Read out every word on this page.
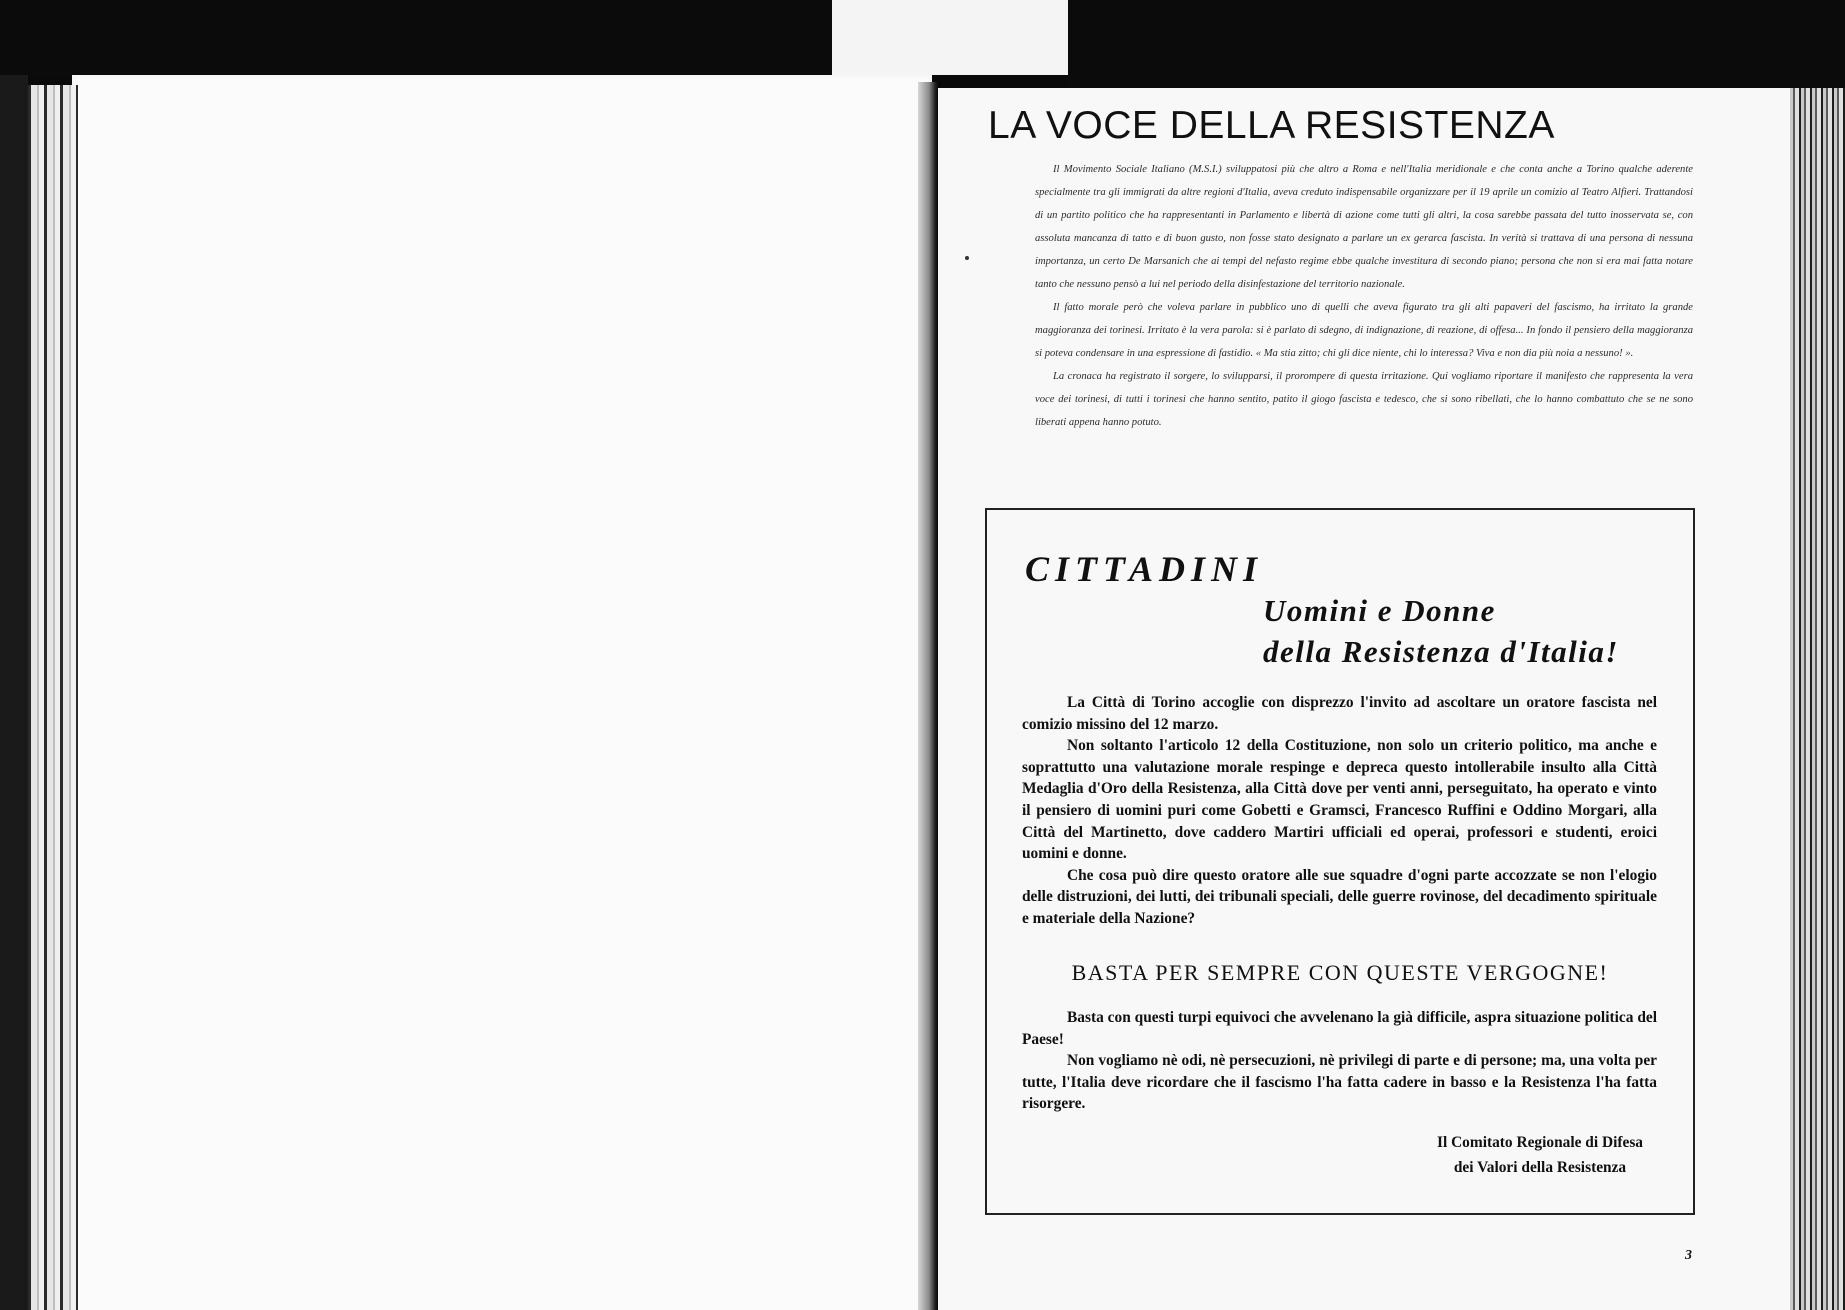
LA VOCE DELLA RESISTENZA

Il Movimento Sociale Italiano (M.S.I.) sviluppatosi più che altro a Roma e nell'Italia meridionale e che conta anche a Torino qualche aderente specialmente tra gli immigrati da altre regioni d'Italia, aveva creduto indispensabile organizzare per il 19 aprile un comizio al Teatro Alfieri. Trattandosi di un partito politico che ha rappresentanti in Parlamento e libertà di azione come tutti gli altri, la cosa sarebbe passata del tutto inosservata se, con assoluta mancanza di tatto e di buon gusto, non fosse stato designato a parlare un ex gerarca fascista. In verità si trattava di una persona di nessuna importanza, un certo De Marsanich che ai tempi del nefasto regime ebbe qualche investitura di secondo piano; persona che non si era mai fatta notare tanto che nessuno pensò a lui nel periodo della disinfestazione del territorio nazionale.

Il fatto morale però che voleva parlare in pubblico uno di quelli che aveva figurato tra gli alti papaveri del fascismo, ha irritato la grande maggioranza dei torinesi. Irritato è la vera parola: si è parlato di sdegno, di indignazione, di reazione, di offesa... In fondo il pensiero della maggioranza si poteva condensare in una espressione di fastidio. « Ma stia zitto; chi gli dice niente, chi lo interessa? Viva e non dia più noia a nessuno! ».

La cronaca ha registrato il sorgere, lo svilupparsi, il prorompere di questa irritazione. Qui vogliamo riportare il manifesto che rappresenta la vera voce dei torinesi, di tutti i torinesi che hanno sentito, patito il giogo fascista e tedesco, che si sono ribellati, che lo hanno combattuto che se ne sono liberati appena hanno potuto.

CITTADINI
Uomini e Donne
della Resistenza d'Italia!

La Città di Torino accoglie con disprezzo l'invito ad ascoltare un oratore fascista nel comizio missino del 12 marzo.

Non soltanto l'articolo 12 della Costituzione, non solo un criterio politico, ma anche e soprattutto una valutazione morale respinge e depreca questo intollerabile insulto alla Città Medaglia d'Oro della Resistenza, alla Città dove per venti anni, perseguitato, ha operato e vinto il pensiero di uomini puri come Gobetti e Gramsci, Francesco Ruffini e Oddino Morgari, alla Città del Martinetto, dove caddero Martiri ufficiali ed operai, professori e studenti, eroici uomini e donne.

Che cosa può dire questo oratore alle sue squadre d'ogni parte accozzate se non l'elogio delle distruzioni, dei lutti, dei tribunali speciali, delle guerre rovinose, del decadimento spirituale e materiale della Nazione?

BASTA PER SEMPRE CON QUESTE VERGOGNE!

Basta con questi turpi equivoci che avvelenano la già difficile, aspra situazione politica del Paese!

Non vogliamo nè odi, nè persecuzioni, nè privilegi di parte e di persone; ma, una volta per tutte, l'Italia deve ricordare che il fascismo l'ha fatta cadere in basso e la Resistenza l'ha fatta risorgere.

Il Comitato Regionale di Difesa
dei Valori della Resistenza

3
